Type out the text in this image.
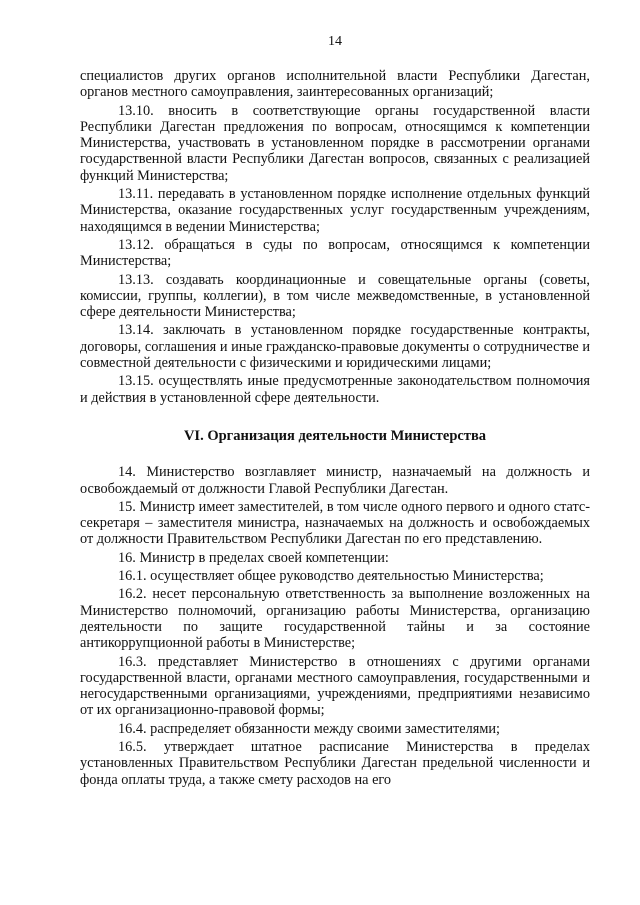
14

специалистов других органов исполнительной власти Республики Дагестан, органов местного самоуправления, заинтересованных организаций;

13.10. вносить в соответствующие органы государственной власти Республики Дагестан предложения по вопросам, относящимся к компетенции Министерства, участвовать в установленном порядке в рассмотрении органами государственной власти Республики Дагестан вопросов, связанных с реализацией функций Министерства;

13.11. передавать в установленном порядке исполнение отдельных функций Министерства, оказание государственных услуг государственным учреждениям, находящимся в ведении Министерства;

13.12. обращаться в суды по вопросам, относящимся к компетенции Министерства;

13.13. создавать координационные и совещательные органы (советы, комиссии, группы, коллегии), в том числе межведомственные, в установленной сфере деятельности Министерства;

13.14. заключать в установленном порядке государственные контракты, договоры, соглашения и иные гражданско-правовые документы о сотрудничестве и совместной деятельности с физическими и юридическими лицами;

13.15. осуществлять иные предусмотренные законодательством полномочия и действия в установленной сфере деятельности.

VI. Организация деятельности Министерства

14. Министерство возглавляет министр, назначаемый на должность и освобождаемый от должности Главой Республики Дагестан.

15. Министр имеет заместителей, в том числе одного первого и одного статс-секретаря – заместителя министра, назначаемых на должность и освобождаемых от должности Правительством Республики Дагестан по его представлению.

16. Министр в пределах своей компетенции:

16.1. осуществляет общее руководство деятельностью Министерства;

16.2. несет персональную ответственность за выполнение возложенных на Министерство полномочий, организацию работы Министерства, организацию деятельности по защите государственной тайны и за состояние антикоррупционной работы в Министерстве;

16.3. представляет Министерство в отношениях с другими органами государственной власти, органами местного самоуправления, государственными и негосударственными организациями, учреждениями, предприятиями независимо от их организационно-правовой формы;

16.4. распределяет обязанности между своими заместителями;

16.5. утверждает штатное расписание Министерства в пределах установленных Правительством Республики Дагестан предельной численности и фонда оплаты труда, а также смету расходов на его
